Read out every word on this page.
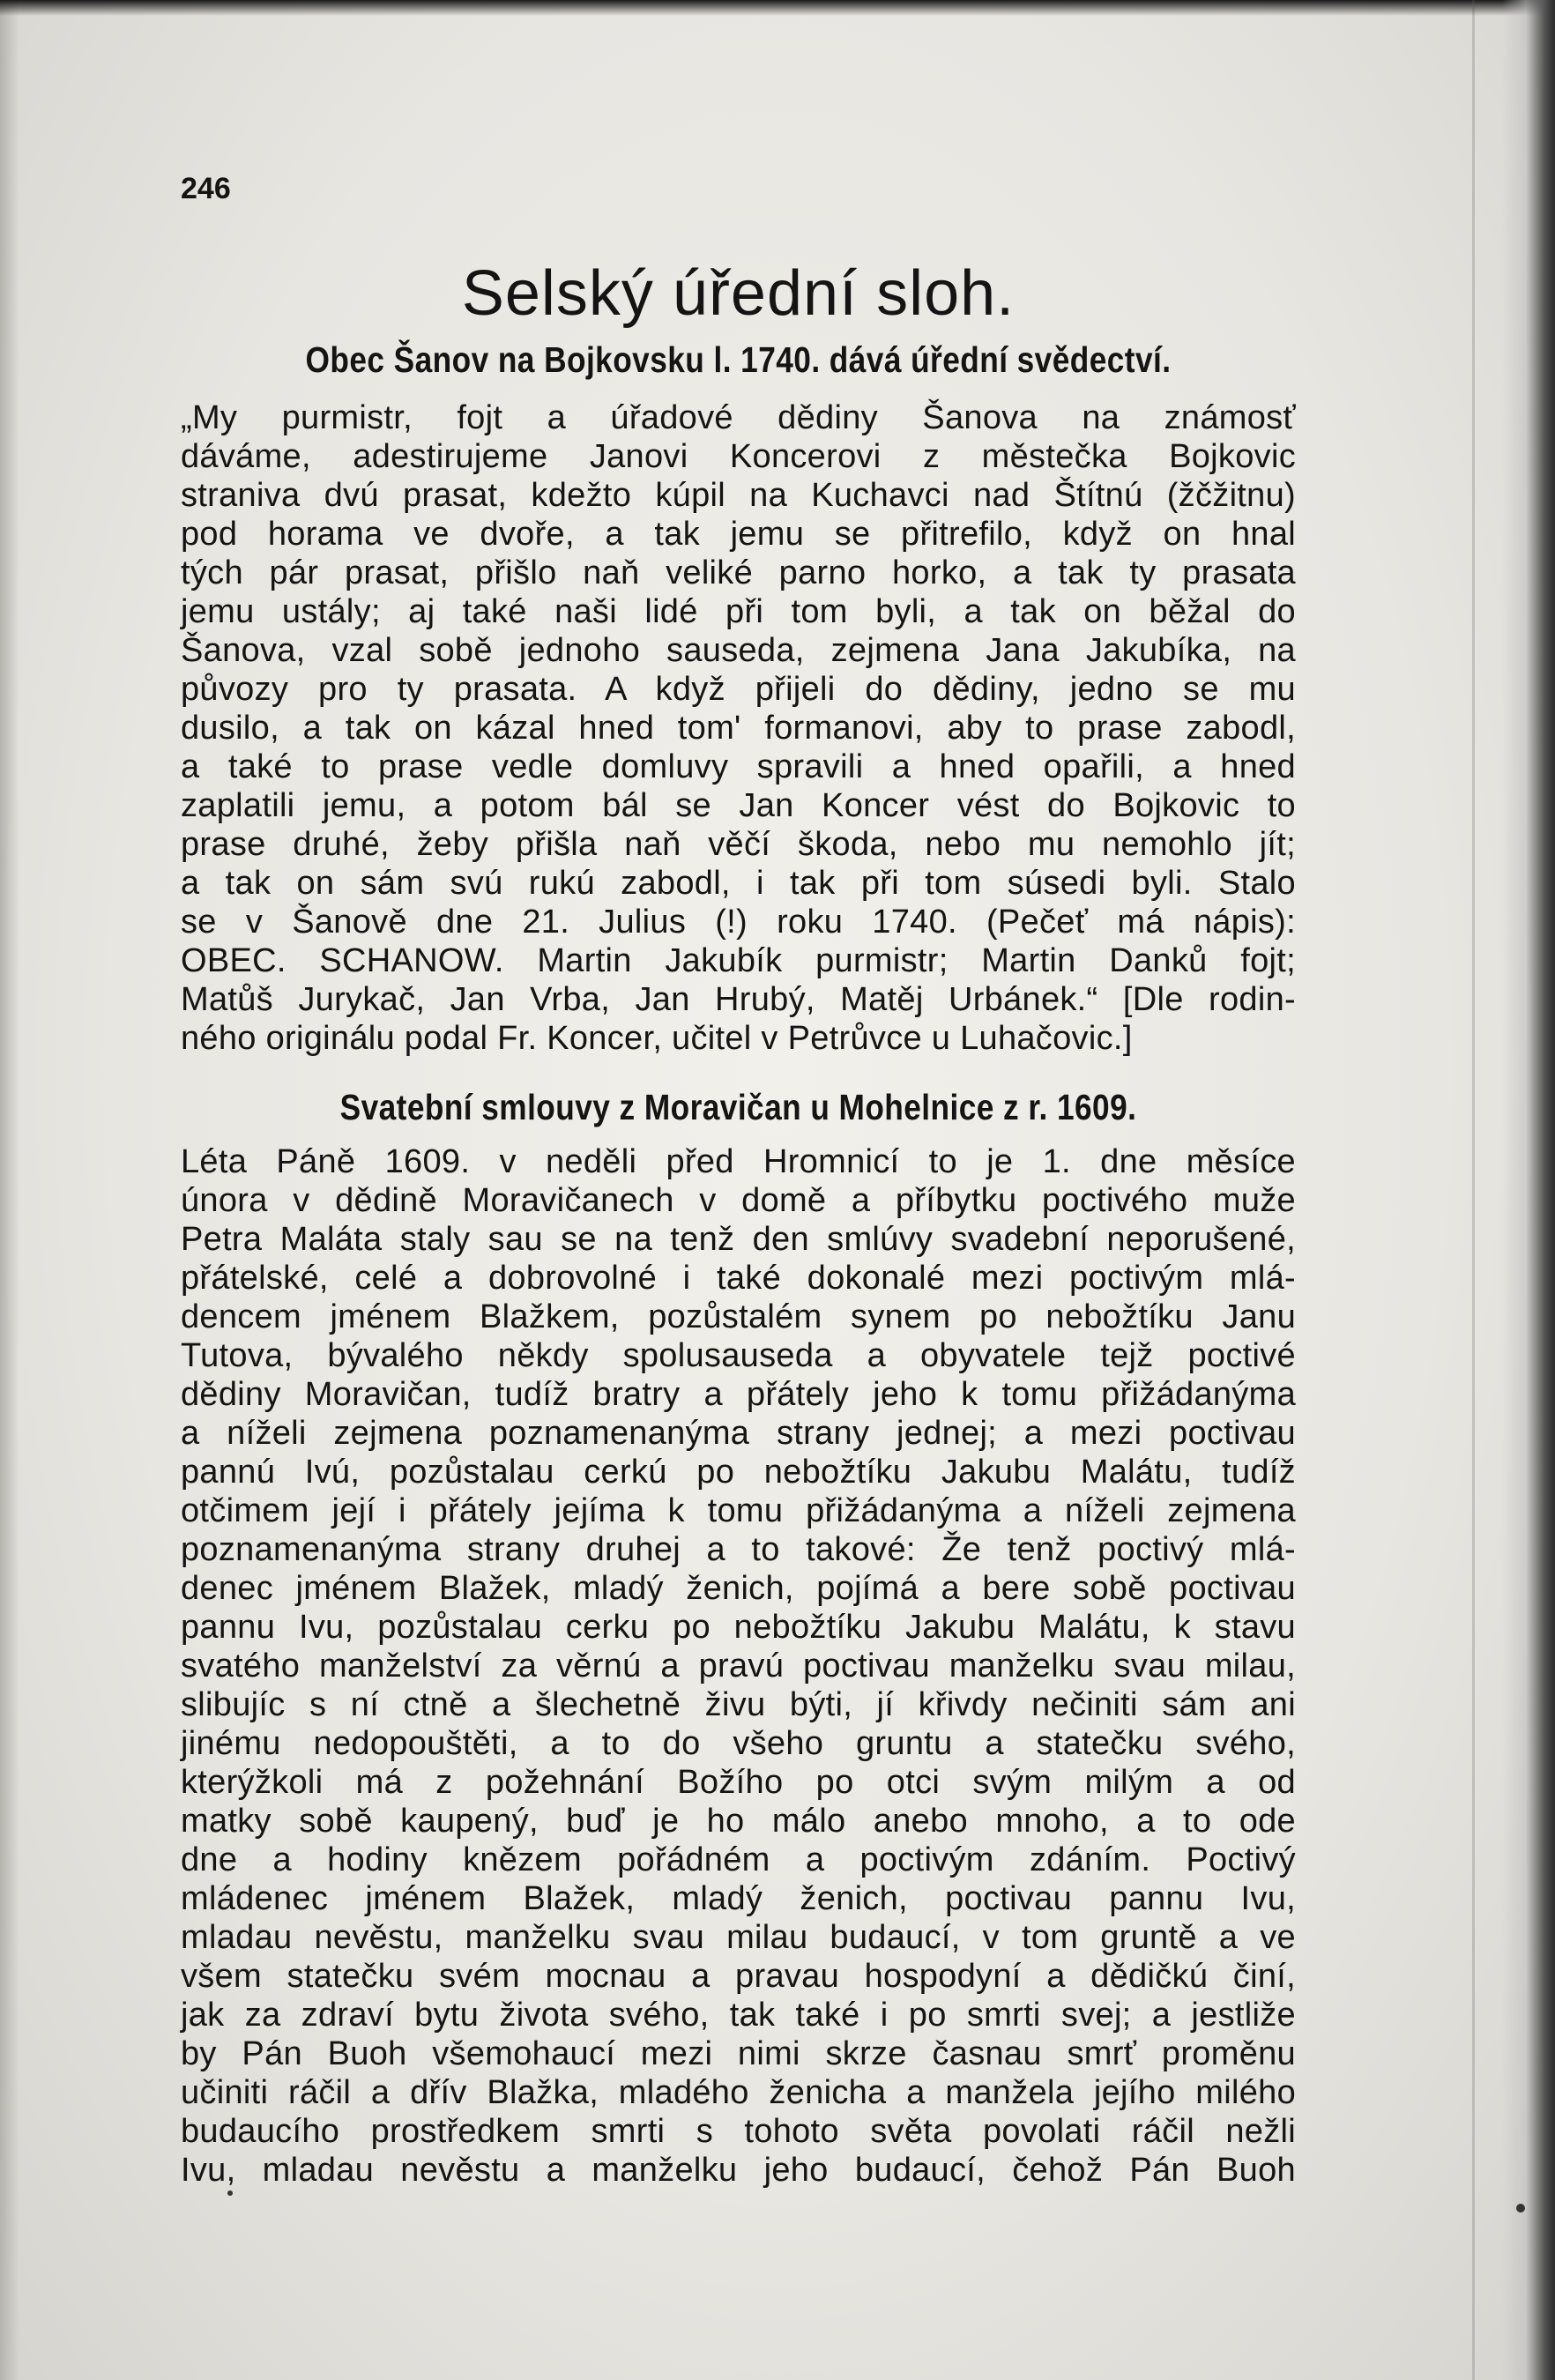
246
Selský úřední sloh.
Obec Šanov na Bojkovsku l. 1740. dává úřední svědectví.
„My purmistr, fojt a úřadové dědiny Šanova na známosť
dáváme, adestirujeme Janovi Koncerovi z městečka Bojkovic
straniva dvú prasat, kdežto kúpil na Kuchavci nad Štítnú (žčžitnu)
pod horama ve dvoře, a tak jemu se přitrefilo, když on hnal
tých pár prasat, přišlo naň veliké parno horko, a tak ty prasata
jemu ustály; aj také naši lidé při tom byli, a tak on běžal do
Šanova, vzal sobě jednoho sauseda, zejmena Jana Jakubíka, na
půvozy pro ty prasata. A když přijeli do dědiny, jedno se mu
dusilo, a tak on kázal hned tom' formanovi, aby to prase zabodl,
a také to prase vedle domluvy spravili a hned opařili, a hned
zaplatili jemu, a potom bál se Jan Koncer vést do Bojkovic to
prase druhé, žeby přišla naň věčí škoda, nebo mu nemohlo jít;
a tak on sám svú rukú zabodl, i tak při tom súsedi byli. Stalo
se v Šanově dne 21. Julius (!) roku 1740. (Pečeť má nápis):
OBEC. SCHANOW. Martin Jakubík purmistr; Martin Danků fojt;
Matůš Jurykač, Jan Vrba, Jan Hrubý, Matěj Urbánek.“ [Dle rodin-
ného originálu podal Fr. Koncer, učitel v Petrůvce u Luhačovic.]
Svatební smlouvy z Moravičan u Mohelnice z r. 1609.
Léta Páně 1609. v neděli před Hromnicí to je 1. dne měsíce
února v dědině Moravičanech v domě a příbytku poctivého muže
Petra Maláta staly sau se na tenž den smlúvy svadební neporušené,
přátelské, celé a dobrovolné i také dokonalé mezi poctivým mlá-
dencem jménem Blažkem, pozůstalém synem po nebožtíku Janu
Tutova, bývalého někdy spolusauseda a obyvatele tejž poctivé
dědiny Moravičan, tudíž bratry a přátely jeho k tomu přižádanýma
a níželi zejmena poznamenanýma strany jednej; a mezi poctivau
pannú Ivú, pozůstalau cerkú po nebožtíku Jakubu Malátu, tudíž
otčimem její i přátely jejíma k tomu přižádanýma a níželi zejmena
poznamenanýma strany druhej a to takové: Že tenž poctivý mlá-
denec jménem Blažek, mladý ženich, pojímá a bere sobě poctivau
pannu Ivu, pozůstalau cerku po nebožtíku Jakubu Malátu, k stavu
svatého manželství za věrnú a pravú poctivau manželku svau milau,
slibujíc s ní ctně a šlechetně živu býti, jí křivdy nečiniti sám ani
jinému nedopouštěti, a to do všeho gruntu a statečku svého,
kterýžkoli má z požehnání Božího po otci svým milým a od
matky sobě kaupený, buď je ho málo anebo mnoho, a to ode
dne a hodiny knězem pořádném a poctivým zdáním. Poctivý
mládenec jménem Blažek, mladý ženich, poctivau pannu Ivu,
mladau nevěstu, manželku svau milau budaucí, v tom gruntě a ve
všem statečku svém mocnau a pravau hospodyní a dědičkú činí,
jak za zdraví bytu života svého, tak také i po smrti svej; a jestliže
by Pán Buoh všemohaucí mezi nimi skrze časnau smrť proměnu
učiniti ráčil a dřív Blažka, mladého ženicha a manžela jejího milého
budaucího prostředkem smrti s tohoto světa povolati ráčil nežli
Ivu, mladau nevěstu a manželku jeho budaucí, čehož Pán Buoh
